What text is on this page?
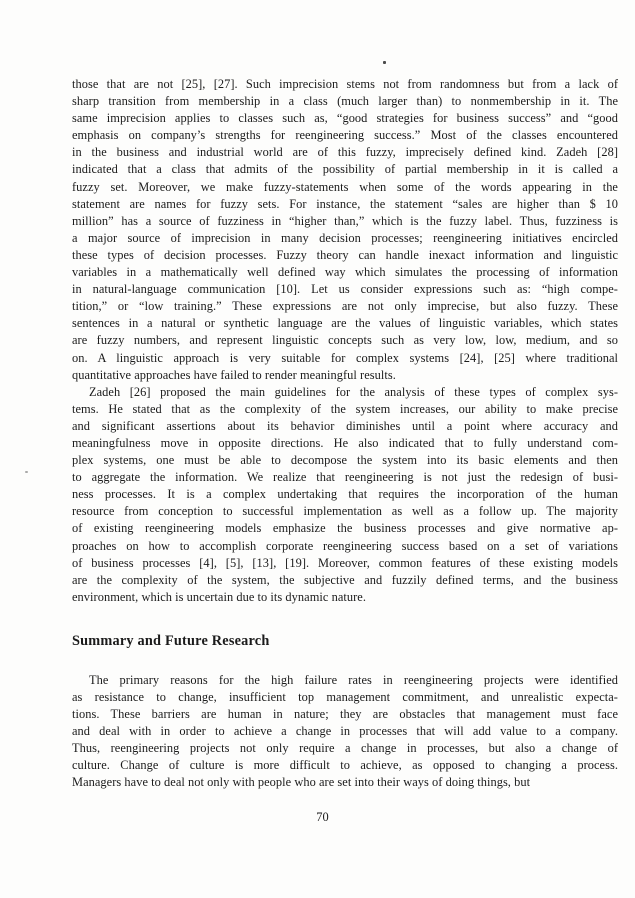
those that are not [25], [27]. Such imprecision stems not from randomness but from a lack of
sharp transition from membership in a class (much larger than) to nonmembership in it. The
same imprecision applies to classes such as, “good strategies for business success” and “good
emphasis on company’s strengths for reengineering success.” Most of the classes encountered
in the business and industrial world are of this fuzzy, imprecisely defined kind. Zadeh [28]
indicated that a class that admits of the possibility of partial membership in it is called a
fuzzy set. Moreover, we make fuzzy-statements when some of the words appearing in the
statement are names for fuzzy sets. For instance, the statement “sales are higher than $ 10
million” has a source of fuzziness in “higher than,” which is the fuzzy label. Thus, fuzziness is
a major source of imprecision in many decision processes; reengineering initiatives encircled
these types of decision processes. Fuzzy theory can handle inexact information and linguistic
variables in a mathematically well defined way which simulates the processing of information
in natural-language communication [10]. Let us consider expressions such as: “high compe-
tition,” or “low training.” These expressions are not only imprecise, but also fuzzy. These
sentences in a natural or synthetic language are the values of linguistic variables, which states
are fuzzy numbers, and represent linguistic concepts such as very low, low, medium, and so
on. A linguistic approach is very suitable for complex systems [24], [25] where traditional
quantitative approaches have failed to render meaningful results.
Zadeh [26] proposed the main guidelines for the analysis of these types of complex sys-
tems. He stated that as the complexity of the system increases, our ability to make precise
and significant assertions about its behavior diminishes until a point where accuracy and
meaningfulness move in opposite directions. He also indicated that to fully understand com-
plex systems, one must be able to decompose the system into its basic elements and then
to aggregate the information. We realize that reengineering is not just the redesign of busi-
ness processes. It is a complex undertaking that requires the incorporation of the human
resource from conception to successful implementation as well as a follow up. The majority
of existing reengineering models emphasize the business processes and give normative ap-
proaches on how to accomplish corporate reengineering success based on a set of variations
of business processes [4], [5], [13], [19]. Moreover, common features of these existing models
are the complexity of the system, the subjective and fuzzily defined terms, and the business
environment, which is uncertain due to its dynamic nature.
Summary and Future Research
The primary reasons for the high failure rates in reengineering projects were identified
as resistance to change, insufficient top management commitment, and unrealistic expecta-
tions. These barriers are human in nature; they are obstacles that management must face
and deal with in order to achieve a change in processes that will add value to a company.
Thus, reengineering projects not only require a change in processes, but also a change of
culture. Change of culture is more difficult to achieve, as opposed to changing a process.
Managers have to deal not only with people who are set into their ways of doing things, but
70
